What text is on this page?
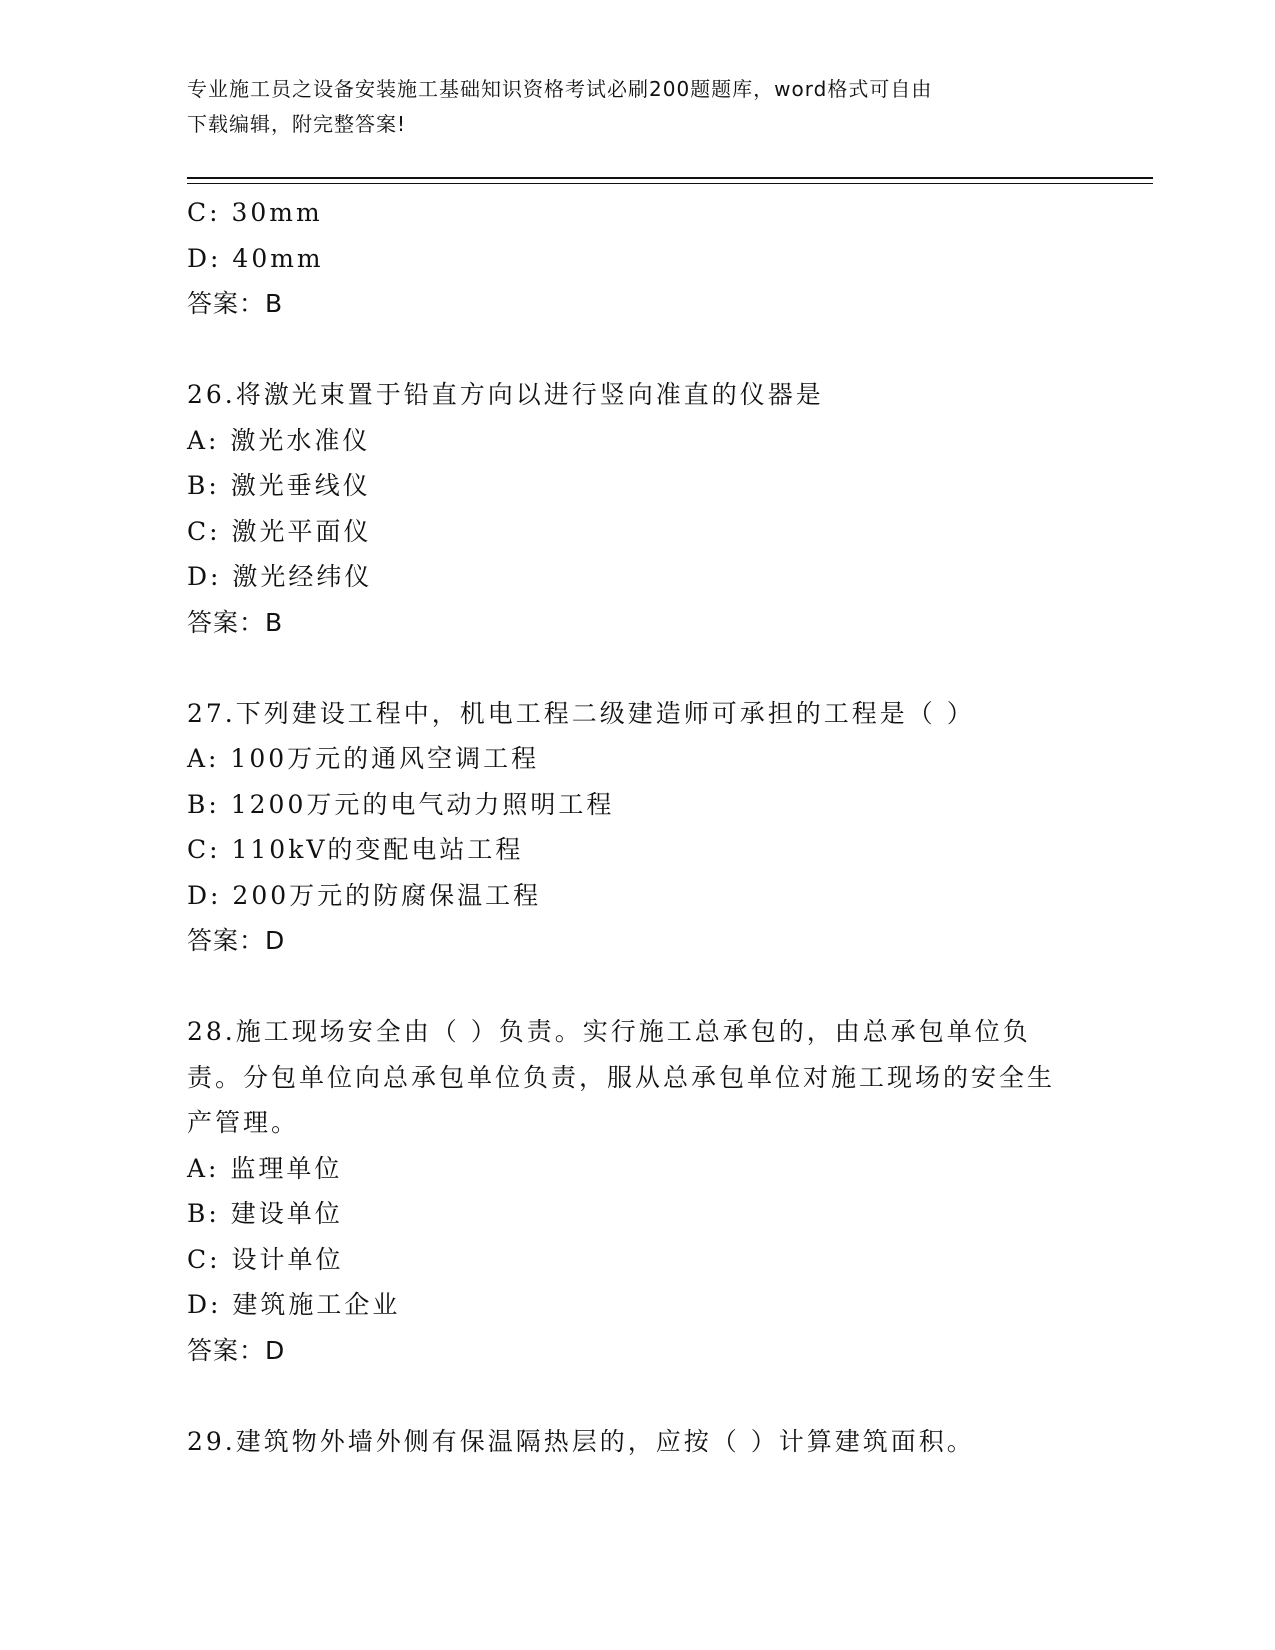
专业施工员之设备安装施工基础知识资格考试必刷200题题库，word格式可自由
下载编辑，附完整答案!
C: 30mm
D: 40mm
答案：B
26.将激光束置于铅直方向以进行竖向准直的仪器是
A: 激光水准仪
B: 激光垂线仪
C: 激光平面仪
D: 激光经纬仪
答案：B
27.下列建设工程中，机电工程二级建造师可承担的工程是（ ）
A: 100万元的通风空调工程
B: 1200万元的电气动力照明工程
C: 110kV的变配电站工程
D: 200万元的防腐保温工程
答案：D
28.施工现场安全由（ ）负责。实行施工总承包的，由总承包单位负责。分包单位向总承包单位负责，服从总承包单位对施工现场的安全生产管理。
A: 监理单位
B: 建设单位
C: 设计单位
D: 建筑施工企业
答案：D
29.建筑物外墙外侧有保温隔热层的，应按（ ）计算建筑面积。
